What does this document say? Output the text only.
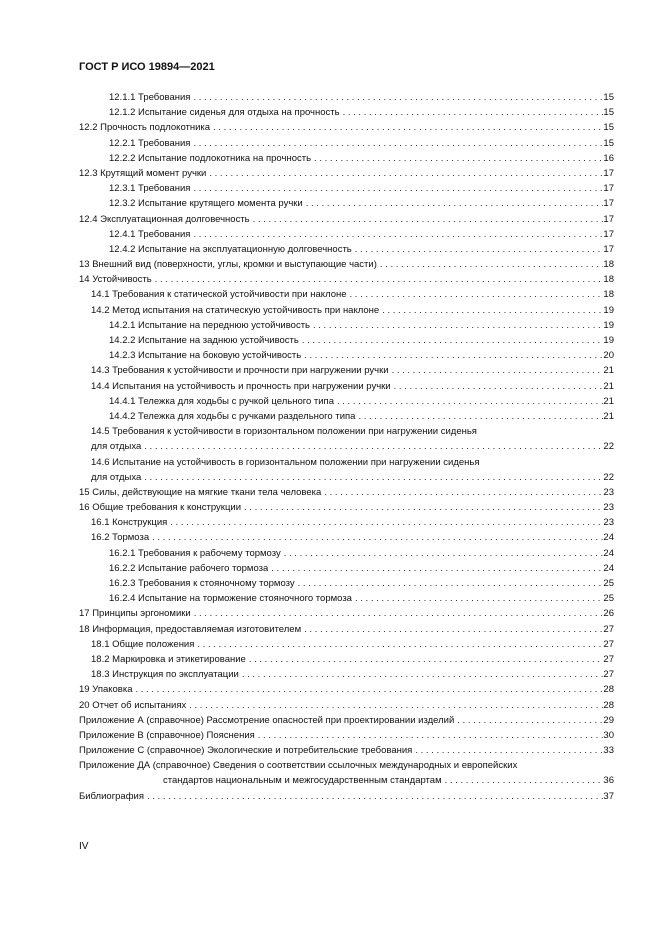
ГОСТ Р ИСО 19894—2021
12.1.1 Требования . . .	15
12.1.2 Испытание сиденья для отдыха на прочность . . .	15
12.2 Прочность подлокотника . . .	15
12.2.1 Требования . . .	15
12.2.2 Испытание подлокотника на прочность . . .	16
12.3 Крутящий момент ручки . . .	17
12.3.1 Требования . . .	17
12.3.2 Испытание крутящего момента ручки . . .	17
12.4 Эксплуатационная долговечность . . .	17
12.4.1 Требования . . .	17
12.4.2 Испытание на эксплуатационную долговечность . . .	17
13 Внешний вид (поверхности, углы, кромки и выступающие части) . . .	18
14 Устойчивость . . .	18
14.1 Требования к статической устойчивости при наклоне . . .	18
14.2 Метод испытания на статическую устойчивость при наклоне . . .	19
14.2.1 Испытание на переднюю устойчивость . . .	19
14.2.2 Испытание на заднюю устойчивость . . .	19
14.2.3 Испытание на боковую устойчивость . . .	20
14.3 Требования к устойчивости и прочности при нагружении ручки . . .	21
14.4 Испытания на устойчивость и прочность при нагружении ручки . . .	21
14.4.1 Тележка для ходьбы с ручкой цельного типа . . .	21
14.4.2 Тележка для ходьбы с ручками раздельного типа . . .	21
14.5 Требования к устойчивости в горизонтальном положении при нагружении сиденья
для отдыха . . .	22
14.6 Испытание на устойчивость в горизонтальном положении при нагружении сиденья
для отдыха . . .	22
15 Силы, действующие на мягкие ткани тела человека . . .	23
16 Общие требования к конструкции . . .	23
16.1 Конструкция . . .	23
16.2 Тормоза . . .	24
16.2.1 Требования к рабочему тормозу . . .	24
16.2.2 Испытание рабочего тормоза . . .	24
16.2.3 Требования к стояночному тормозу . . .	25
16.2.4 Испытание на торможение стояночного тормоза . . .	25
17 Принципы эргономики . . .	26
18 Информация, предоставляемая изготовителем . . .	27
18.1 Общие положения . . .	27
18.2 Маркировка и этикетирование . . .	27
18.3 Инструкция по эксплуатации . . .	27
19 Упаковка . . .	28
20 Отчет об испытаниях . . .	28
Приложение А (справочное) Рассмотрение опасностей при проектировании изделий . . .	29
Приложение В (справочное) Пояснения . . .	30
Приложение С (справочное) Экологические и потребительские требования . . .	33
Приложение ДА (справочное) Сведения о соответствии ссылочных международных и европейских
стандартов национальным и межгосударственным стандартам . . .	36
Библиография . . .	37
IV
